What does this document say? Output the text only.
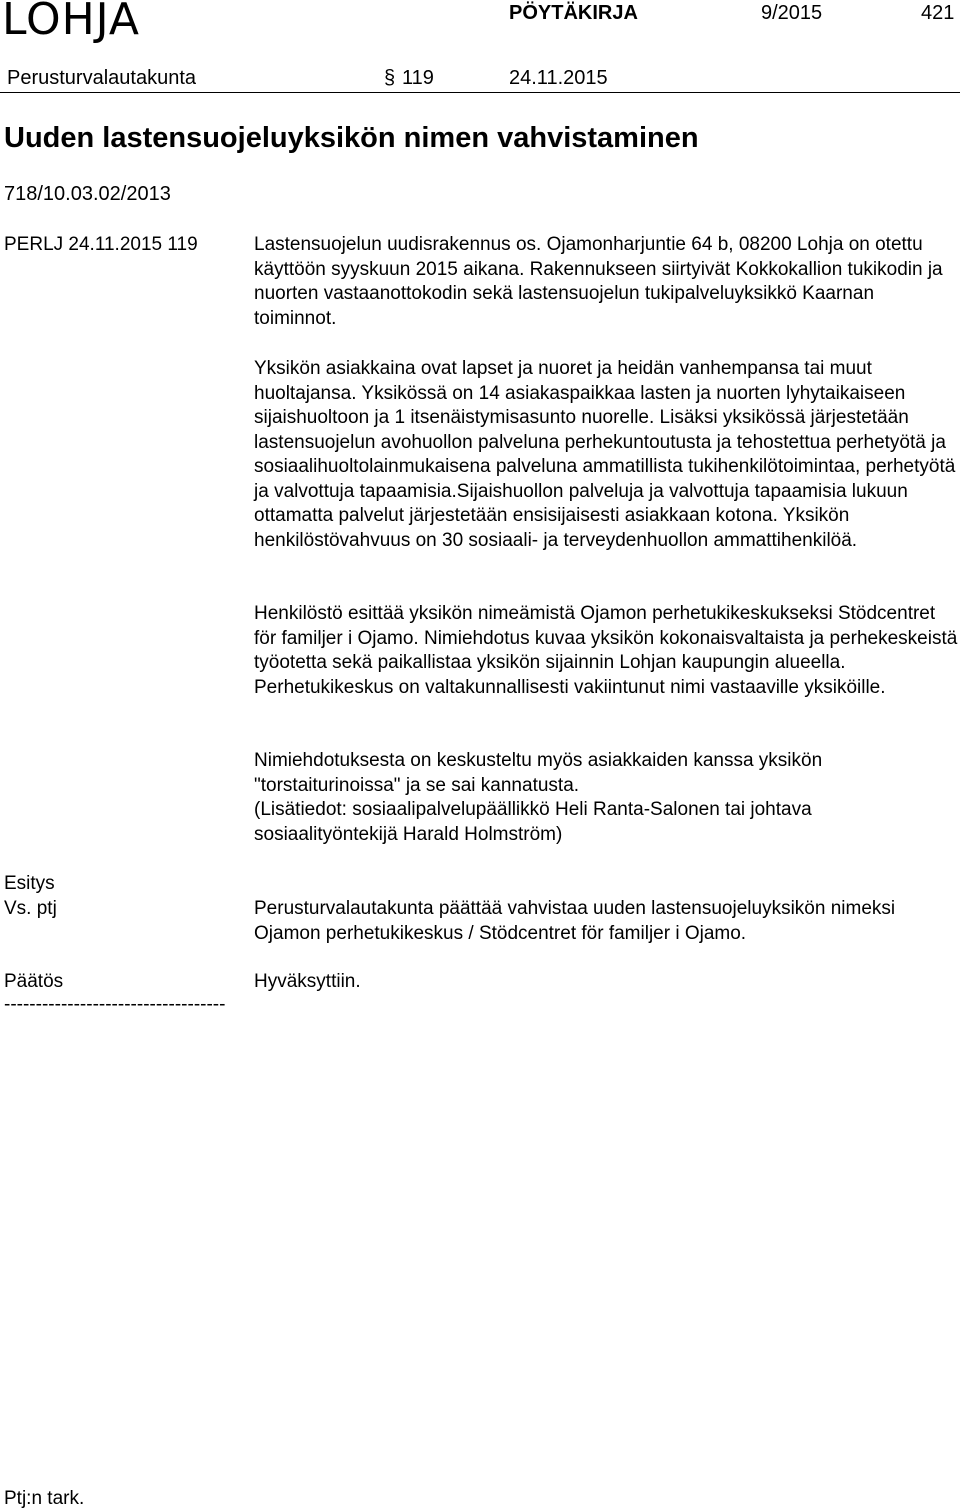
LOHJA	PÖYTÄKIRJA	9/2015	421
Perusturvalautakunta	§ 119	24.11.2015
Uuden lastensuojeluyksikön nimen vahvistaminen
718/10.03.02/2013
PERLJ 24.11.2015 119	Lastensuojelun uudisrakennus os. Ojamonharjuntie 64 b, 08200 Lohja on otettu käyttöön syyskuun 2015 aikana. Rakennukseen siirtyivät Kokkokallion tukikodin ja nuorten vastaanottokodin sekä lastensuojelun tukipalveluyksikkö Kaarnan toiminnot.
Yksikön asiakkaina ovat lapset ja nuoret ja heidän vanhempansa tai muut huoltajansa. Yksikössä on 14 asiakaspaikkaa lasten ja nuorten lyhytaikaiseen sijaishuoltoon ja 1 itsenäistymisasunto nuorelle. Lisäksi yksikössä järjestetään lastensuojelun avohuollon palveluna perhekuntoutusta ja tehostettua perhetyötä ja sosiaalihuoltolainmukaisena palveluna ammatillista tukihenkilötoimintaa, perhetyötä ja valvottuja tapaamisia.Sijaishuollon palveluja ja valvottuja tapaamisia lukuun ottamatta palvelut järjestetään ensisijaisesti asiakkaan kotona. Yksikön henkilöstövahvuus on 30 sosiaali- ja terveydenhuollon ammattihenkilöä.
Henkilöstö esittää yksikön nimeämistä Ojamon perhetukikeskukseksi Stödcentret för familjer i Ojamo. Nimiehdotus kuvaa yksikön kokonaisvaltaista ja perhekeskeistä työotetta sekä paikallistaa yksikön sijainnin Lohjan kaupungin alueella. Perhetukikeskus on valtakunnallisesti vakiintunut nimi vastaaville yksiköille.
Nimiehdotuksesta on keskusteltu myös asiakkaiden kanssa yksikön "torstaiturinoissa" ja se sai kannatusta.
(Lisätiedot: sosiaalipalvelupäällikkö Heli Ranta-Salonen tai johtava sosiaalityöntekijä Harald Holmström)
Esitys
Vs. ptj	Perusturvalautakunta päättää vahvistaa uuden lastensuojeluyksikön nimeksi Ojamon perhetukikeskus / Stödcentret för familjer i Ojamo.
Päätös	Hyväksyttiin.
-----------------------------------
Ptj:n tark.
